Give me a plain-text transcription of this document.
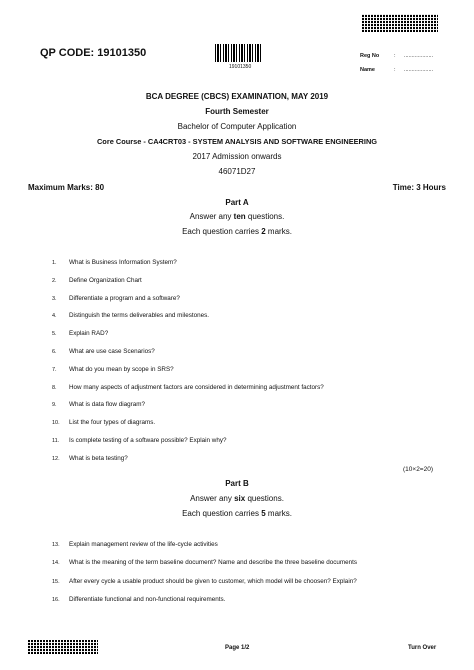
QP CODE: 19101350
19101350
Reg No	: ...................
Name	: ...................
BCA DEGREE (CBCS) EXAMINATION, MAY 2019
Fourth Semester
Bachelor of Computer Application
Core Course - CA4CRT03 - SYSTEM ANALYSIS AND SOFTWARE ENGINEERING
2017 Admission onwards
46071D27
Maximum Marks: 80	Time: 3 Hours
Part A
Answer any ten questions.
Each question carries 2 marks.
1. What is Business Information System?
2. Define Organization Chart
3. Differentiate a program and a software?
4. Distinguish the terms deliverables and milestones.
5. Explain RAD?
6. What are use case Scenarios?
7. What do you mean by scope in SRS?
8. How many aspects of adjustment factors are considered in determining adjustment factors?
9. What is data flow diagram?
10. List the four types of diagrams.
11. Is complete testing of a software possible? Explain why?
12. What is beta testing?
(10×2=20)
Part B
Answer any six questions.
Each question carries 5 marks.
13. Explain management review of the life-cycle activities
14. What is the meaning of the term baseline document? Name and describe the three baseline documents
15. After every cycle a usable product should be given to customer, which model will be choosen? Explain?
16. Differentiate functional and non-functional requirements.
Page 1/2	Turn Over
